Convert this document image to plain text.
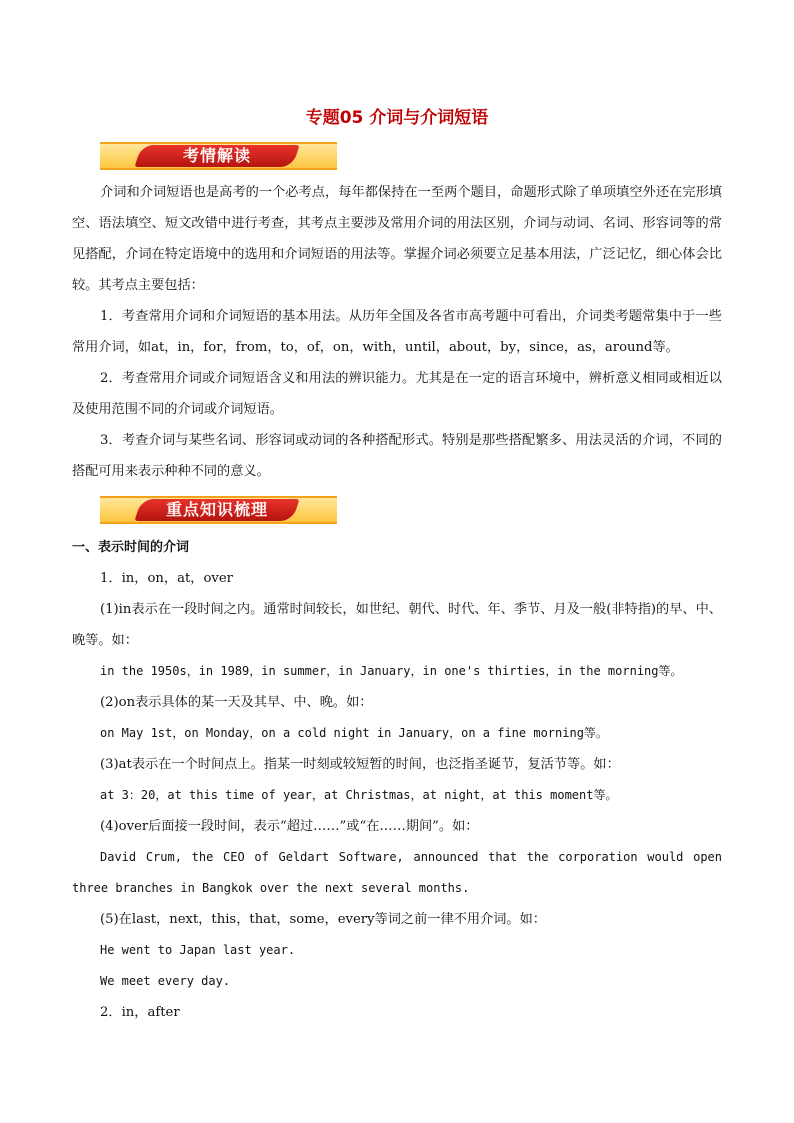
专题05 介词与介词短语
考情解读

介词和介词短语也是高考的一个必考点，每年都保持在一至两个题目，命题形式除了单项填空外还在完形填空、语法填空、短文改错中进行考查，其考点主要涉及常用介词的用法区别，介词与动词、名词、形容词等的常见搭配，介词在特定语境中的选用和介词短语的用法等。掌握介词必须要立足基本用法，广泛记忆，细心体会比较。其考点主要包括：

1．考查常用介词和介词短语的基本用法。从历年全国及各省市高考题中可看出，介词类考题常集中于一些常用介词，如at，in，for，from，to，of，on，with，until，about，by，since，as，around等。

2．考查常用介词或介词短语含义和用法的辨识能力。尤其是在一定的语言环境中，辨析意义相同或相近以及使用范围不同的介词或介词短语。

3．考查介词与某些名词、形容词或动词的各种搭配形式。特别是那些搭配繁多、用法灵活的介词，不同的搭配可用来表示种种不同的意义。

重点知识梳理

一、表示时间的介词

1．in，on，at，over

(1)in表示在一段时间之内。通常时间较长，如世纪、朝代、时代、年、季节、月及一般(非特指)的早、中、晚等。如：

in the 1950s，in 1989，in summer，in January，in one's thirties，in the morning等。

(2)on表示具体的某一天及其早、中、晚。如：

on May 1st，on Monday，on a cold night in January，on a fine morning等。

(3)at表示在一个时间点上。指某一时刻或较短暂的时间，也泛指圣诞节，复活节等。如：

at 3：20，at this time of year，at Christmas，at night，at this moment等。

(4)over后面接一段时间，表示“超过……”或“在……期间”。如：

David Crum, the CEO of Geldart Software, announced that the corporation would open three branches in Bangkok over the next several months.

(5)在last，next，this，that，some，every等词之前一律不用介词。如：

He went to Japan last year.

We meet every day.

2．in，after
